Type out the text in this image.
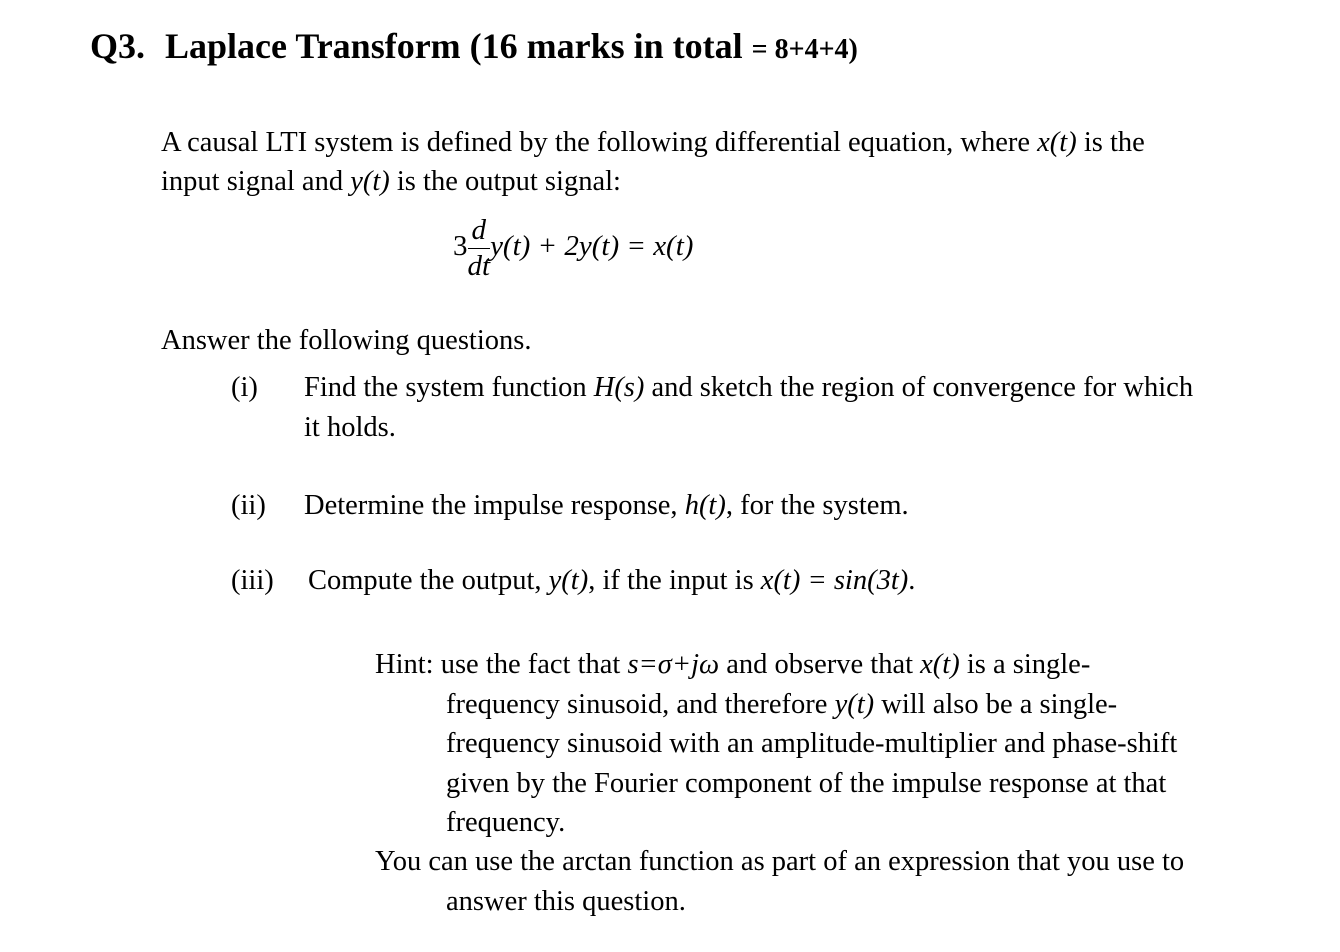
Q3. Laplace Transform (16 marks in total = 8+4+4)
A causal LTI system is defined by the following differential equation, where x(t) is the
input signal and y(t) is the output signal:
$3 \frac{d}{dt} y(t) + 2y(t) = x(t)$
Answer the following questions.
(i) Find the system function H(s) and sketch the region of convergence for which
it holds.
(ii) Determine the impulse response, h(t), for the system.
(iii) Compute the output, y(t), if the input is x(t) = sin(3t).
Hint: use the fact that s=σ+jω and observe that x(t) is a single-
frequency sinusoid, and therefore y(t) will also be a single-
frequency sinusoid with an amplitude-multiplier and phase-shift
given by the Fourier component of the impulse response at that
frequency.
You can use the arctan function as part of an expression that you use to
answer this question.
